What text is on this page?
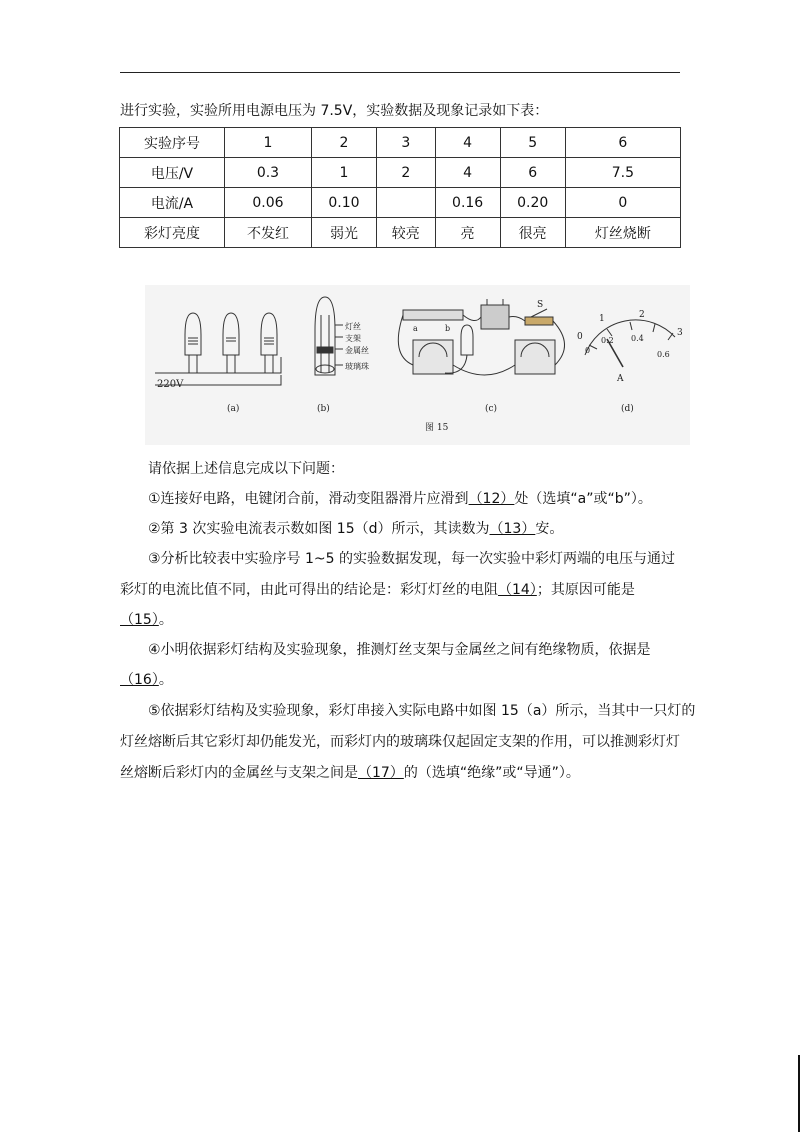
进行实验，实验所用电源电压为 7.5V，实验数据及现象记录如下表：
实验序号	1	2	3	4	5	6
电压/V	0.3	1	2	4	6	7.5
电流/A	0.06	0.10		0.16	0.20	0
彩灯亮度	不发红	弱光	较亮	亮	很亮	灯丝烧断
220V
(a)
灯丝
支架
金属丝
玻璃珠
(b)
a	b
S
(c)
0
1	2
3
0
0.2 0.4
0.6
A
(d)
图 15
请依据上述信息完成以下问题：
①连接好电路，电键闭合前，滑动变阻器滑片应滑到（12）处（选填“a”或“b”）。
②第 3 次实验电流表示数如图 15（d）所示，其读数为（13）安。
③分析比较表中实验序号 1~5 的实验数据发现，每一次实验中彩灯两端的电压与通过
彩灯的电流比值不同，由此可得出的结论是：彩灯灯丝的电阻（14）；其原因可能是
（15）。
④小明依据彩灯结构及实验现象，推测灯丝支架与金属丝之间有绝缘物质，依据是
（16）。
⑤依据彩灯结构及实验现象，彩灯串接入实际电路中如图 15（a）所示，当其中一只灯的
灯丝熔断后其它彩灯却仍能发光，而彩灯内的玻璃珠仅起固定支架的作用，可以推测彩灯灯
丝熔断后彩灯内的金属丝与支架之间是（17）的（选填“绝缘”或“导通”）。
